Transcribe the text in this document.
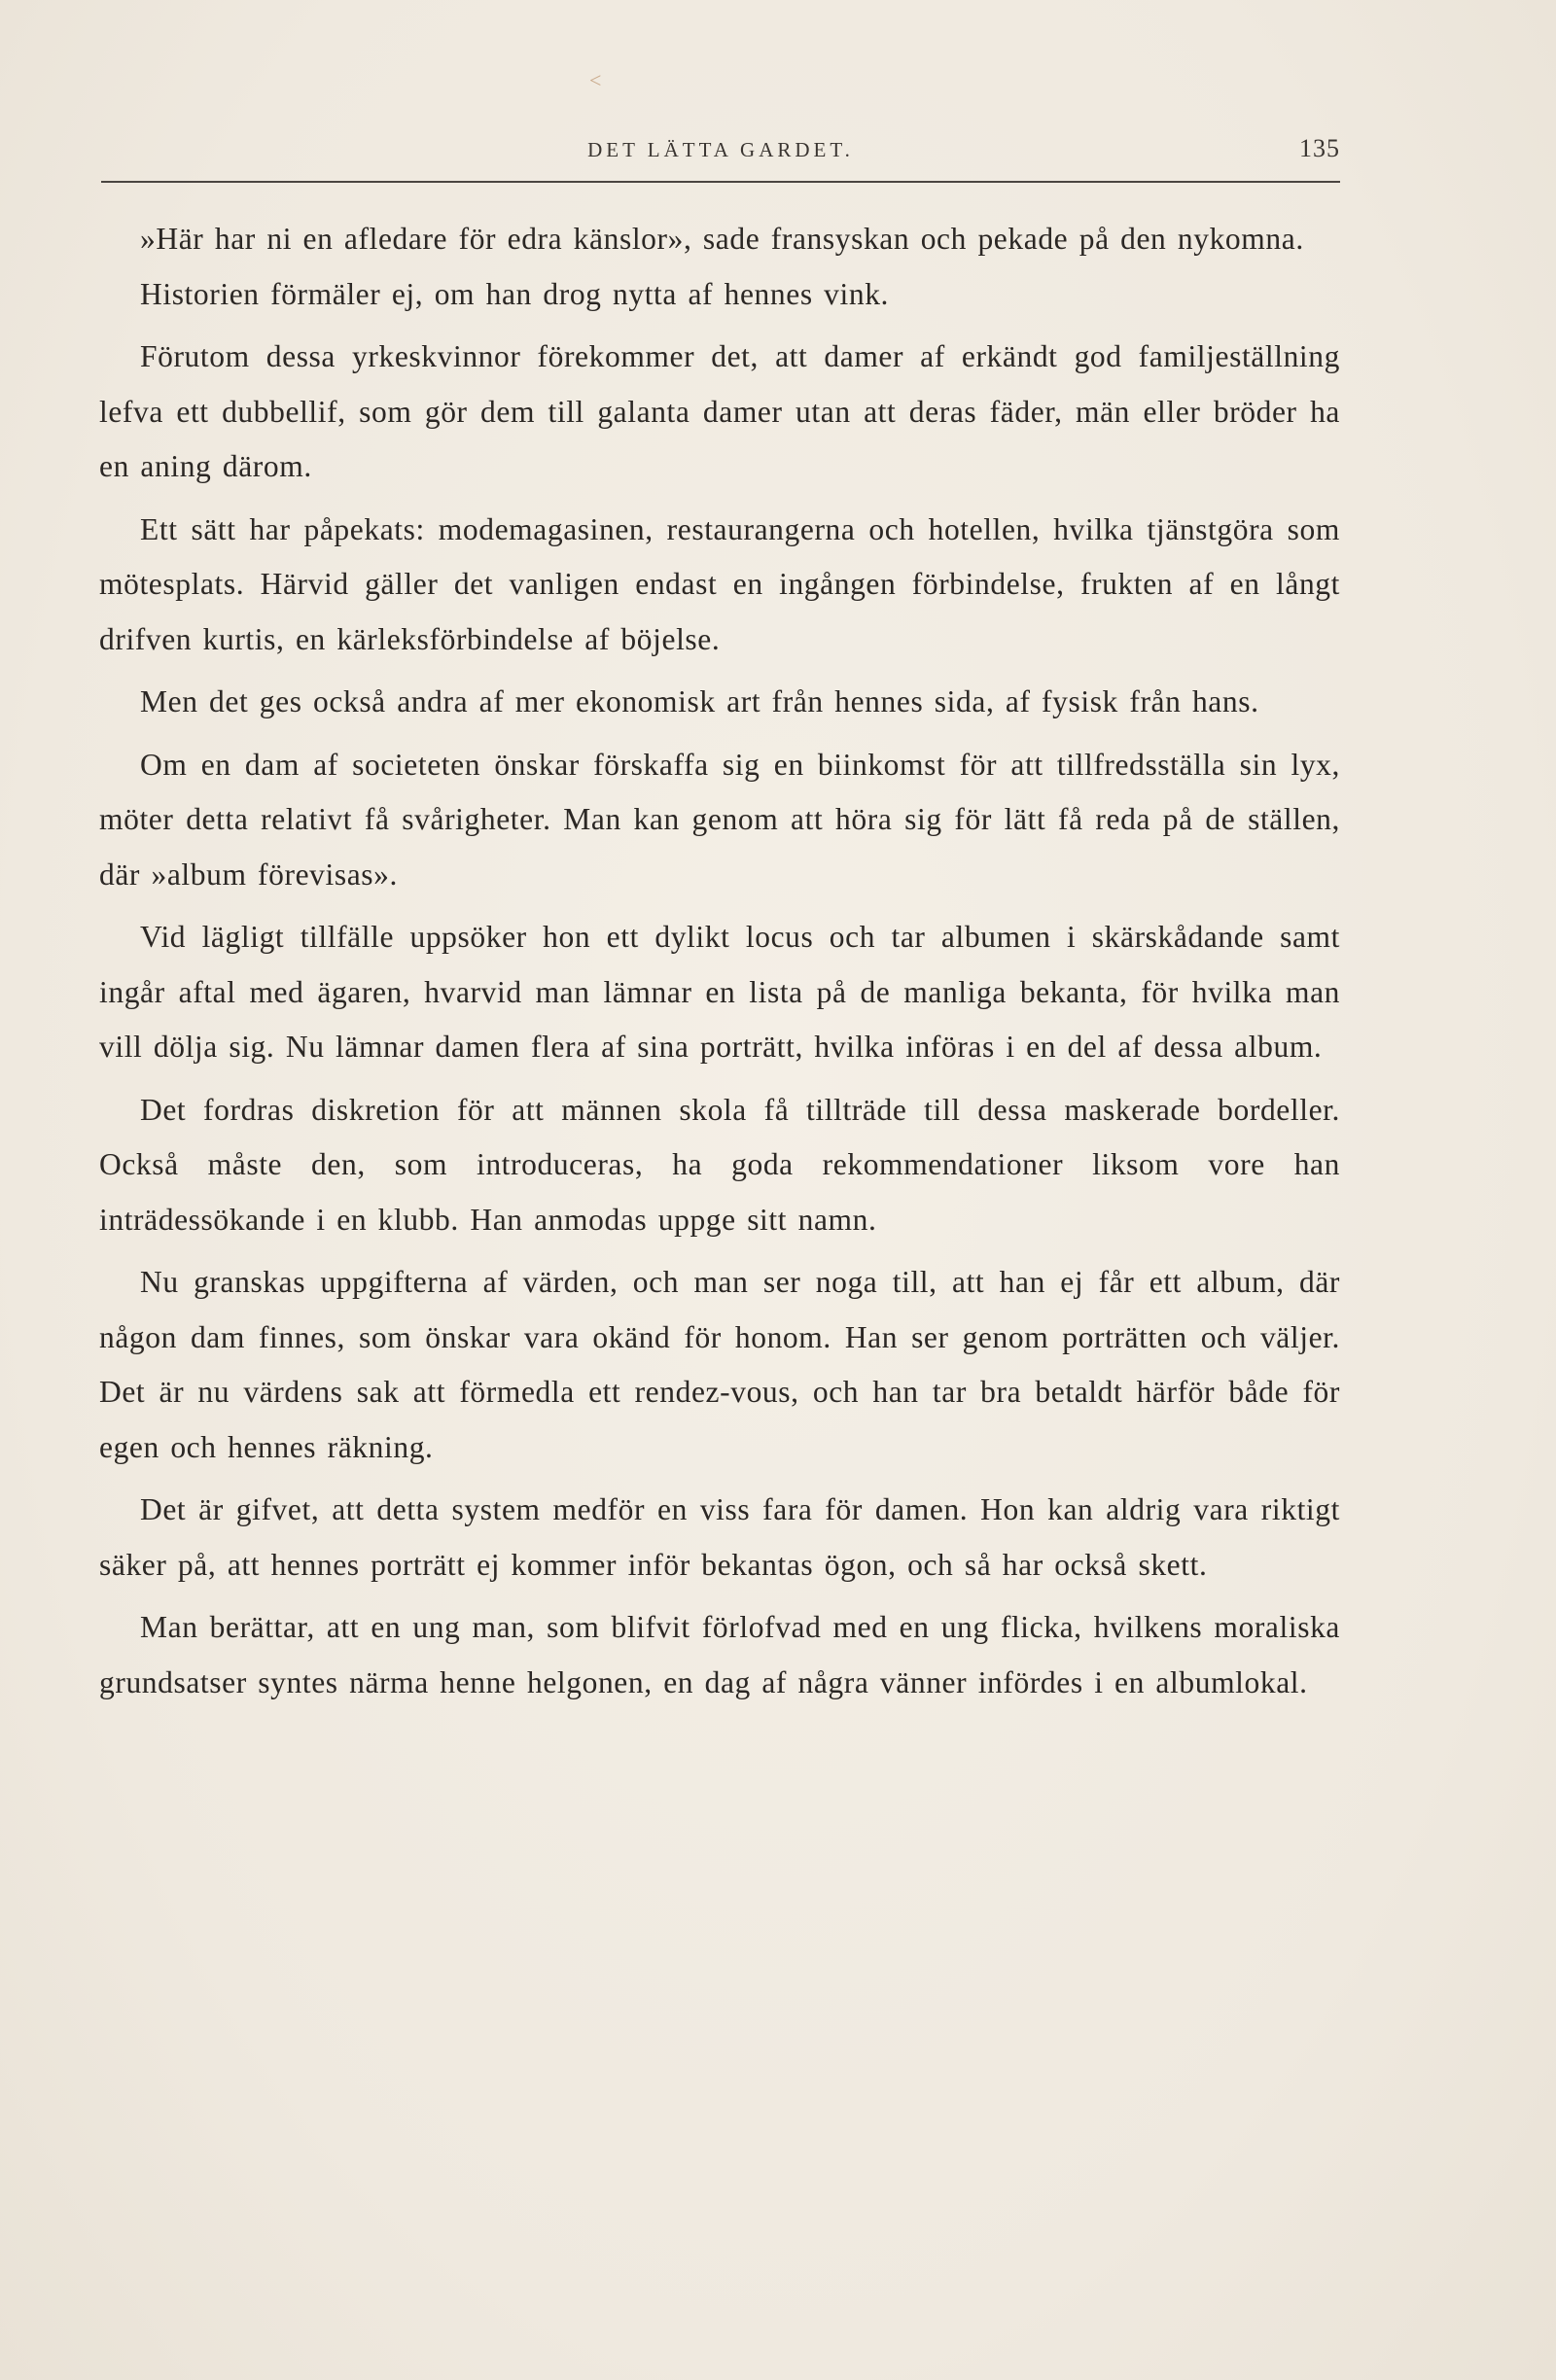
<
DET LÄTTA GARDET.	135

»Här har ni en afledare för edra känslor», sade fransyskan och pekade på den nykomna.

Historien förmäler ej, om han drog nytta af hennes vink.

Förutom dessa yrkeskvinnor förekommer det, att damer af erkändt god familjeställning lefva ett dubbellif, som gör dem till galanta damer utan att deras fäder, män eller bröder ha en aning därom.

Ett sätt har påpekats: modemagasinen, restaurangerna och hotellen, hvilka tjänstgöra som mötesplats. Härvid gäller det vanligen endast en ingången förbindelse, frukten af en långt drifven kurtis, en kärleksförbindelse af böjelse.

Men det ges också andra af mer ekonomisk art från hennes sida, af fysisk från hans.

Om en dam af societeten önskar förskaffa sig en biinkomst för att tillfredsställa sin lyx, möter detta relativt få svårigheter. Man kan genom att höra sig för lätt få reda på de ställen, där »album förevisas».

Vid lägligt tillfälle uppsöker hon ett dylikt locus och tar albumen i skärskådande samt ingår aftal med ägaren, hvarvid man lämnar en lista på de manliga bekanta, för hvilka man vill dölja sig. Nu lämnar damen flera af sina porträtt, hvilka införas i en del af dessa album.

Det fordras diskretion för att männen skola få tillträde till dessa maskerade bordeller. Också måste den, som introduceras, ha goda rekommendationer liksom vore han inträdessökande i en klubb. Han anmodas uppge sitt namn.

Nu granskas uppgifterna af värden, och man ser noga till, att han ej får ett album, där någon dam finnes, som önskar vara okänd för honom. Han ser genom porträtten och väljer. Det är nu värdens sak att förmedla ett rendez-vous, och han tar bra betaldt härför både för egen och hennes räkning.

Det är gifvet, att detta system medför en viss fara för damen. Hon kan aldrig vara riktigt säker på, att hennes porträtt ej kommer inför bekantas ögon, och så har också skett.

Man berättar, att en ung man, som blifvit förlofvad med en ung flicka, hvilkens moraliska grundsatser syntes närma henne helgonen, en dag af några vänner infördes i en albumlokal.
